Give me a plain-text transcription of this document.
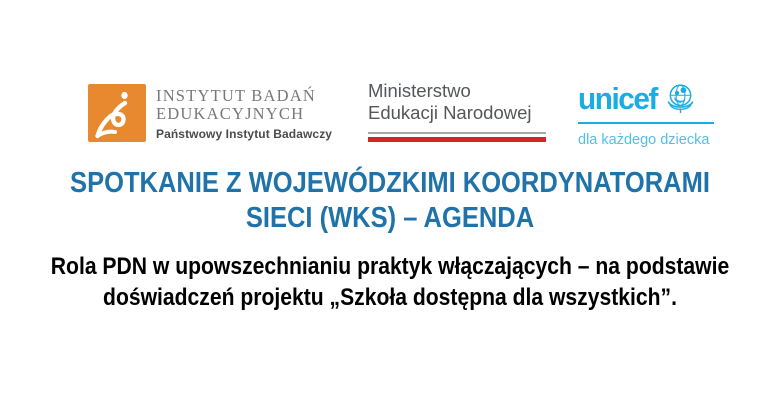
INSTYTUT BADAŃ
EDUKACYJNYCH
Państwowy Instytut Badawczy
Ministerstwo
Edukacji Narodowej	unicef
dla każdego dziecka
SPOTKANIE Z WOJEWÓDZKIMI KOORDYNATORAMI
SIECI (WKS) – AGENDA
Rola PDN w upowszechnianiu praktyk włączających – na podstawie
doświadczeń projektu „Szkoła dostępna dla wszystkich”.
